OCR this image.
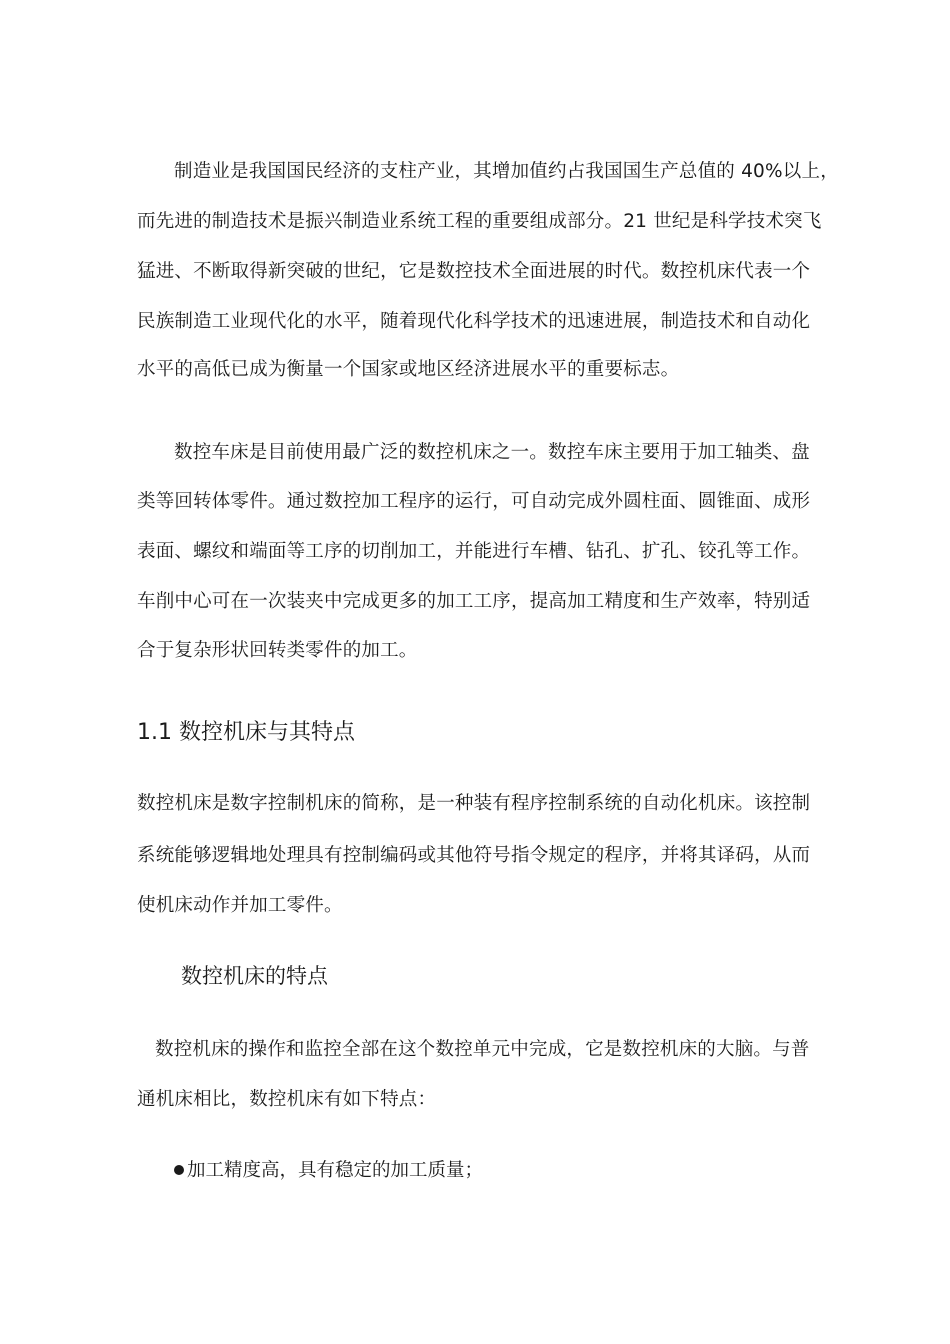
制造业是我国国民经济的支柱产业，其增加值约占我国国生产总值的 40%以上，
而先进的制造技术是振兴制造业系统工程的重要组成部分。21 世纪是科学技术突飞
猛进、不断取得新突破的世纪，它是数控技术全面进展的时代。数控机床代表一个
民族制造工业现代化的水平，随着现代化科学技术的迅速进展，制造技术和自动化
水平的高低已成为衡量一个国家或地区经济进展水平的重要标志。
数控车床是目前使用最广泛的数控机床之一。数控车床主要用于加工轴类、盘
类等回转体零件。通过数控加工程序的运行，可自动完成外圆柱面、圆锥面、成形
表面、螺纹和端面等工序的切削加工，并能进行车槽、钻孔、扩孔、铰孔等工作。
车削中心可在一次装夹中完成更多的加工工序，提高加工精度和生产效率，特别适
合于复杂形状回转类零件的加工。
1.1 数控机床与其特点
数控机床是数字控制机床的简称，是一种装有程序控制系统的自动化机床。该控制
系统能够逻辑地处理具有控制编码或其他符号指令规定的程序，并将其译码，从而
使机床动作并加工零件。
数控机床的特点
数控机床的操作和监控全部在这个数控单元中完成，它是数控机床的大脑。与普
通机床相比，数控机床有如下特点：
加工精度高，具有稳定的加工质量；
